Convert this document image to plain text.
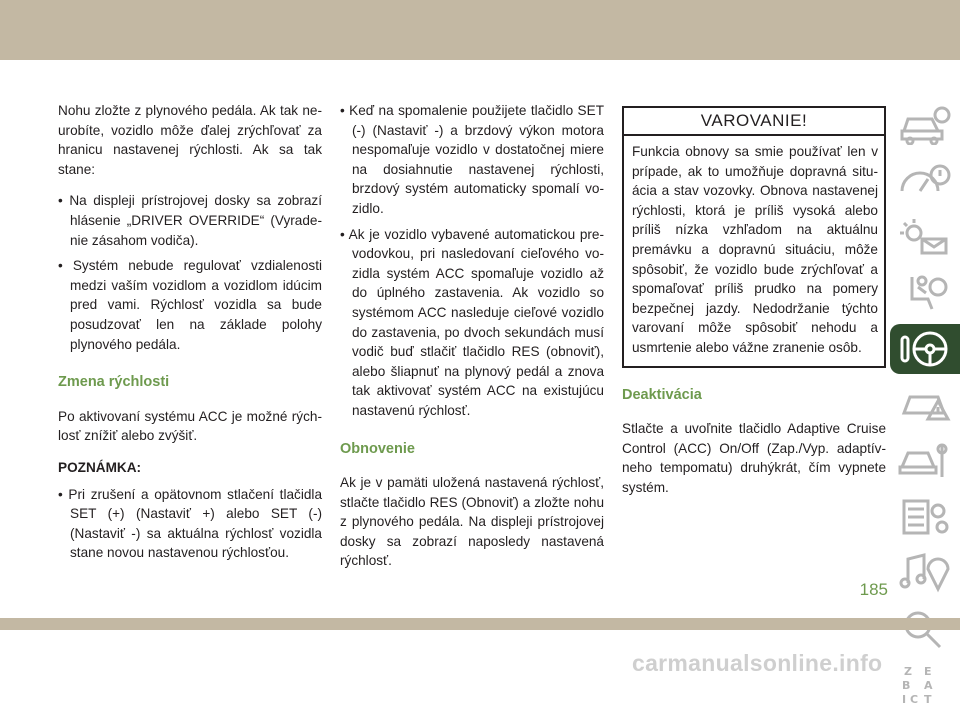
Nohu zložte z plynového pedála. Ak tak neurobíte, vozidlo môže ďalej zrýchľovať za hranicu nastavenej rýchlosti. Ak sa tak stane:

• Na displeji prístrojovej dosky sa zobrazí hlásenie „DRIVER OVERRIDE“ (Vyradenie zásahom vodiča).

• Systém nebude regulovať vzdialenosti medzi vaším vozidlom a vozidlom idúcim pred vami. Rýchlosť vozidla sa bude posudzovať len na základe polohy plynového pedála.

Zmena rýchlosti

Po aktivovaní systému ACC je možné rýchlosť znížiť alebo zvýšiť.

POZNÁMKA:

• Pri zrušení a opätovnom stlačení tlačidla SET (+) (Nastaviť +) alebo SET (-) (Nastaviť -) sa aktuálna rýchlosť vozidla stane novou nastavenou rýchlosťou.

• Keď na spomalenie použijete tlačidlo SET (-) (Nastaviť -) a brzdový výkon motora nespomaľuje vozidlo v dostatočnej miere na dosiahnutie nastavenej rýchlosti, brzdový systém automaticky spomalí vozidlo.

• Ak je vozidlo vybavené automatickou prevodovkou, pri nasledovaní cieľového vozidla systém ACC spomaľuje vozidlo až do úplného zastavenia. Ak vozidlo so systémom ACC nasleduje cieľové vozidlo do zastavenia, po dvoch sekundách musí vodič buď stlačiť tlačidlo RES (obnoviť), alebo šliapnuť na plynový pedál a znova tak aktivovať systém ACC na existujúcu nastavenú rýchlosť.

Obnovenie

Ak je v pamäti uložená nastavená rýchlosť, stlačte tlačidlo RES (Obnoviť) a zložte nohu z plynového pedála. Na displeji prístrojovej dosky sa zobrazí naposledy nastavená rýchlosť.

VAROVANIE!
Funkcia obnovy sa smie používať len v prípade, ak to umožňuje dopravná situácia a stav vozovky. Obnova nastavenej rýchlosti, ktorá je príliš vysoká alebo príliš nízka vzhľadom na aktuálnu premávku a dopravnú situáciu, môže spôsobiť, že vozidlo bude zrýchľovať a spomaľovať príliš prudko na pomery bezpečnej jazdy. Nedodržanie týchto varovaní môže spôsobiť nehodu a usmrtenie alebo vážne zranenie osôb.
Deaktivácia

Stlačte a uvoľnite tlačidlo Adaptive Cruise Control (ACC) On/Off (Zap./Vyp. adaptívneho tempomatu) druhýkrát, čím vypnete systém.

Z E
B A
C
I T
185
carmanualsonline.info
